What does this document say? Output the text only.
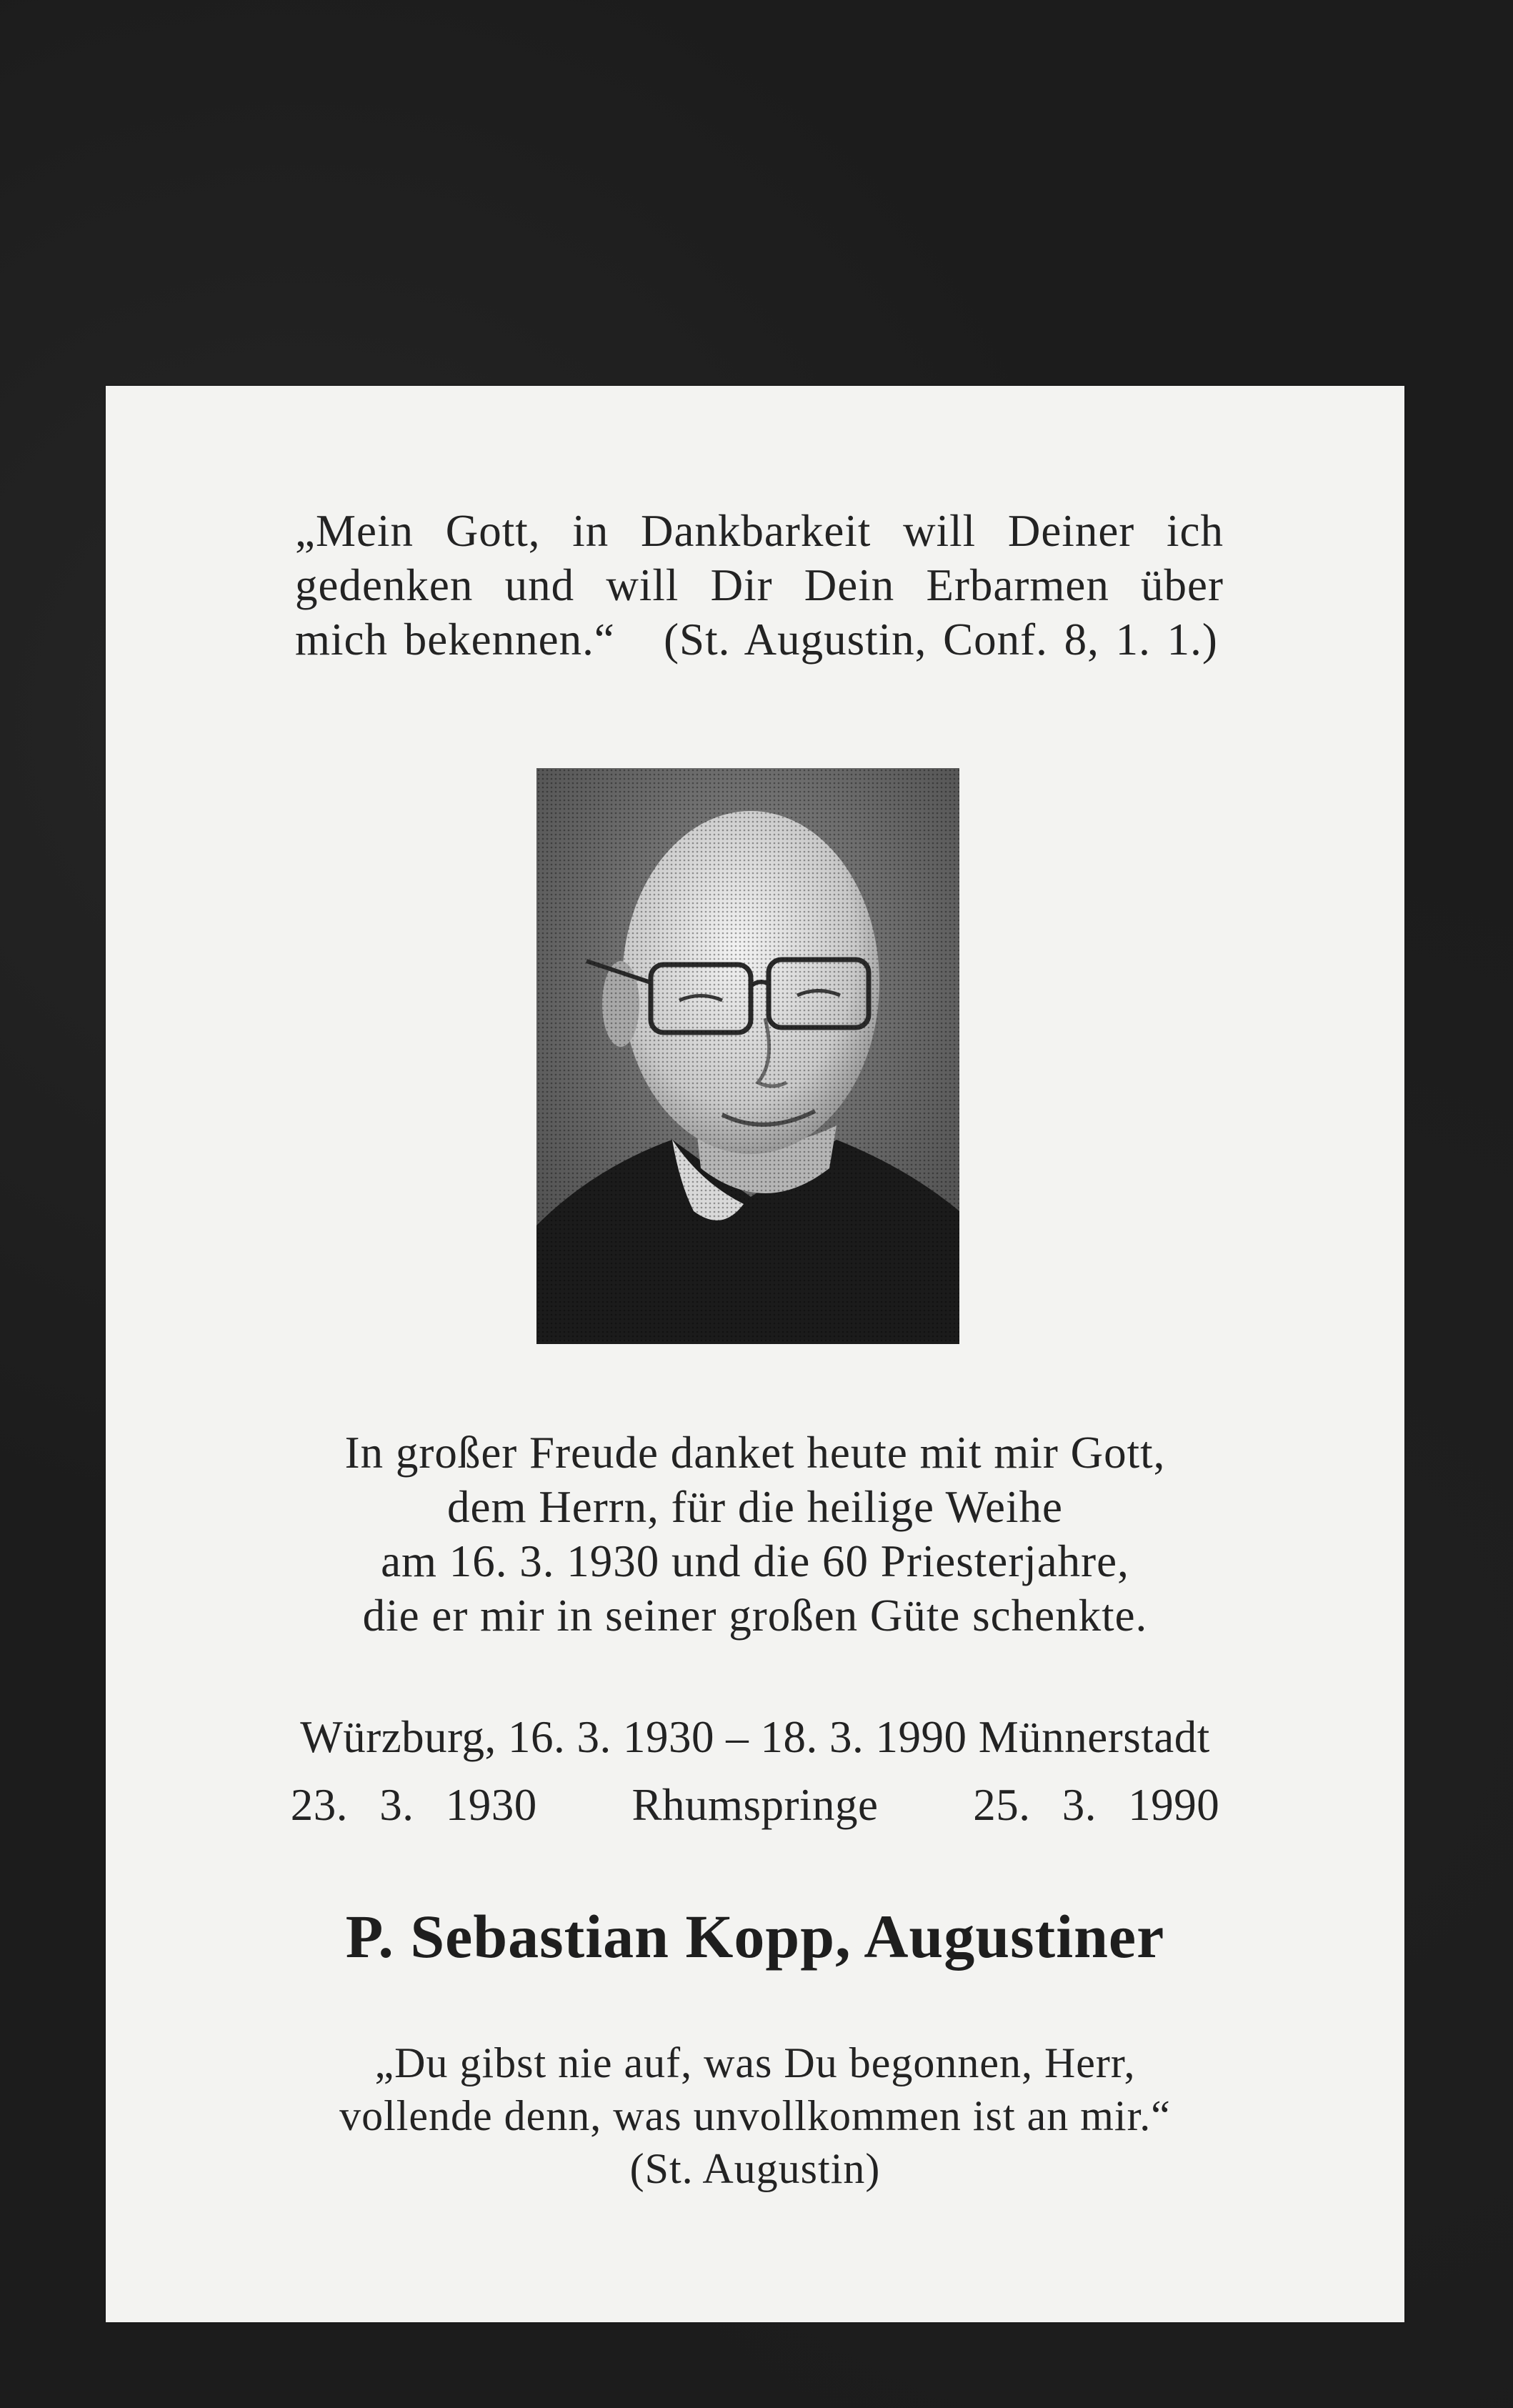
„Mein Gott, in Dankbarkeit will Deiner ich
gedenken und will Dir Dein Erbarmen über
mich bekennen.“   (St. Augustin, Conf. 8, 1. 1.)
In großer Freude danket heute mit mir Gott,
dem Herrn, für die heilige Weihe
am 16. 3. 1930 und die 60 Priesterjahre,
die er mir in seiner großen Güte schenkte.
Würzburg, 16. 3. 1930 – 18. 3. 1990 Münnerstadt
23. 3. 1930   Rhumspringe   25. 3. 1990
P. Sebastian Kopp, Augustiner
„Du gibst nie auf, was Du begonnen, Herr,
vollende denn, was unvollkommen ist an mir.“
(St. Augustin)
